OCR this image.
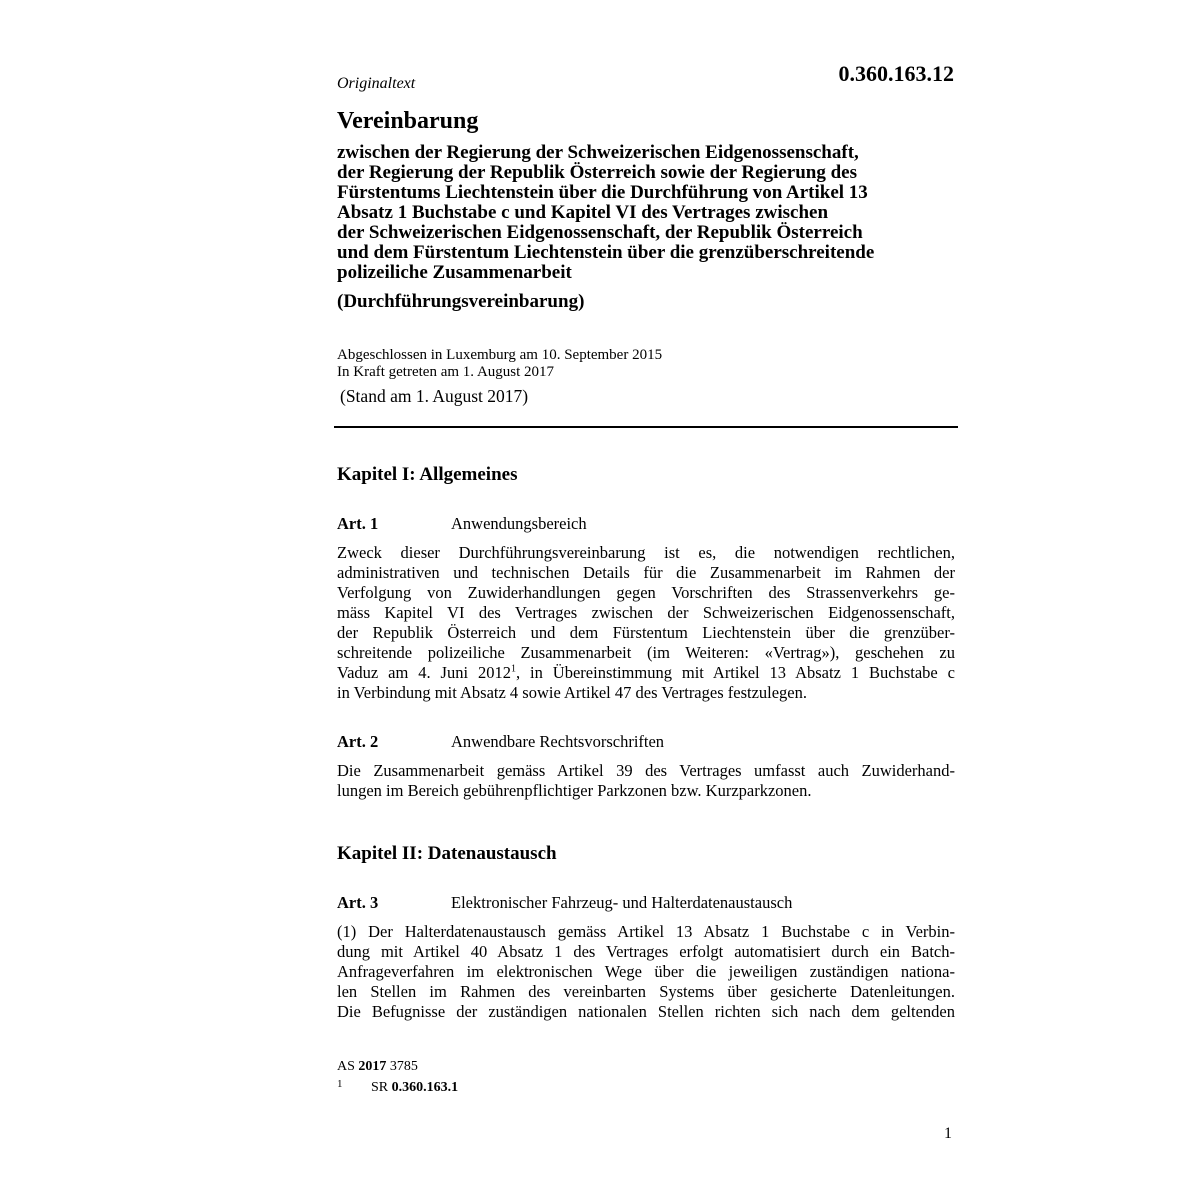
Originaltext	0.360.163.12
Vereinbarung
zwischen der Regierung der Schweizerischen Eidgenossenschaft,
der Regierung der Republik Österreich sowie der Regierung des
Fürstentums Liechtenstein über die Durchführung von Artikel 13
Absatz 1 Buchstabe c und Kapitel VI des Vertrages zwischen
der Schweizerischen Eidgenossenschaft, der Republik Österreich
und dem Fürstentum Liechtenstein über die grenzüberschreitende
polizeiliche Zusammenarbeit
(Durchführungsvereinbarung)
Abgeschlossen in Luxemburg am 10. September 2015
In Kraft getreten am 1. August 2017
(Stand am 1. August 2017)
Kapitel I: Allgemeines
Art. 1	Anwendungsbereich
Zweck dieser Durchführungsvereinbarung ist es, die notwendigen rechtlichen,
administrativen und technischen Details für die Zusammenarbeit im Rahmen der
Verfolgung von Zuwiderhandlungen gegen Vorschriften des Strassenverkehrs ge-
mäss Kapitel VI des Vertrages zwischen der Schweizerischen Eidgenossenschaft,
der Republik Österreich und dem Fürstentum Liechtenstein über die grenzüber-
schreitende polizeiliche Zusammenarbeit (im Weiteren: «Vertrag»), geschehen zu
Vaduz am 4. Juni 2012$^1$, in Übereinstimmung mit Artikel 13 Absatz 1 Buchstabe c
in Verbindung mit Absatz 4 sowie Artikel 47 des Vertrages festzulegen.
Art. 2	Anwendbare Rechtsvorschriften
Die Zusammenarbeit gemäss Artikel 39 des Vertrages umfasst auch Zuwiderhand-
lungen im Bereich gebührenpflichtiger Parkzonen bzw. Kurzparkzonen.
Kapitel II: Datenaustausch
Art. 3	Elektronischer Fahrzeug- und Halterdatenaustausch
(1) Der Halterdatenaustausch gemäss Artikel 13 Absatz 1 Buchstabe c in Verbin-
dung mit Artikel 40 Absatz 1 des Vertrages erfolgt automatisiert durch ein Batch-
Anfrageverfahren im elektronischen Wege über die jeweiligen zuständigen nationa-
len Stellen im Rahmen des vereinbarten Systems über gesicherte Datenleitungen.
Die Befugnisse der zuständigen nationalen Stellen richten sich nach dem geltenden
AS 2017 3785
1 SR 0.360.163.1
1
